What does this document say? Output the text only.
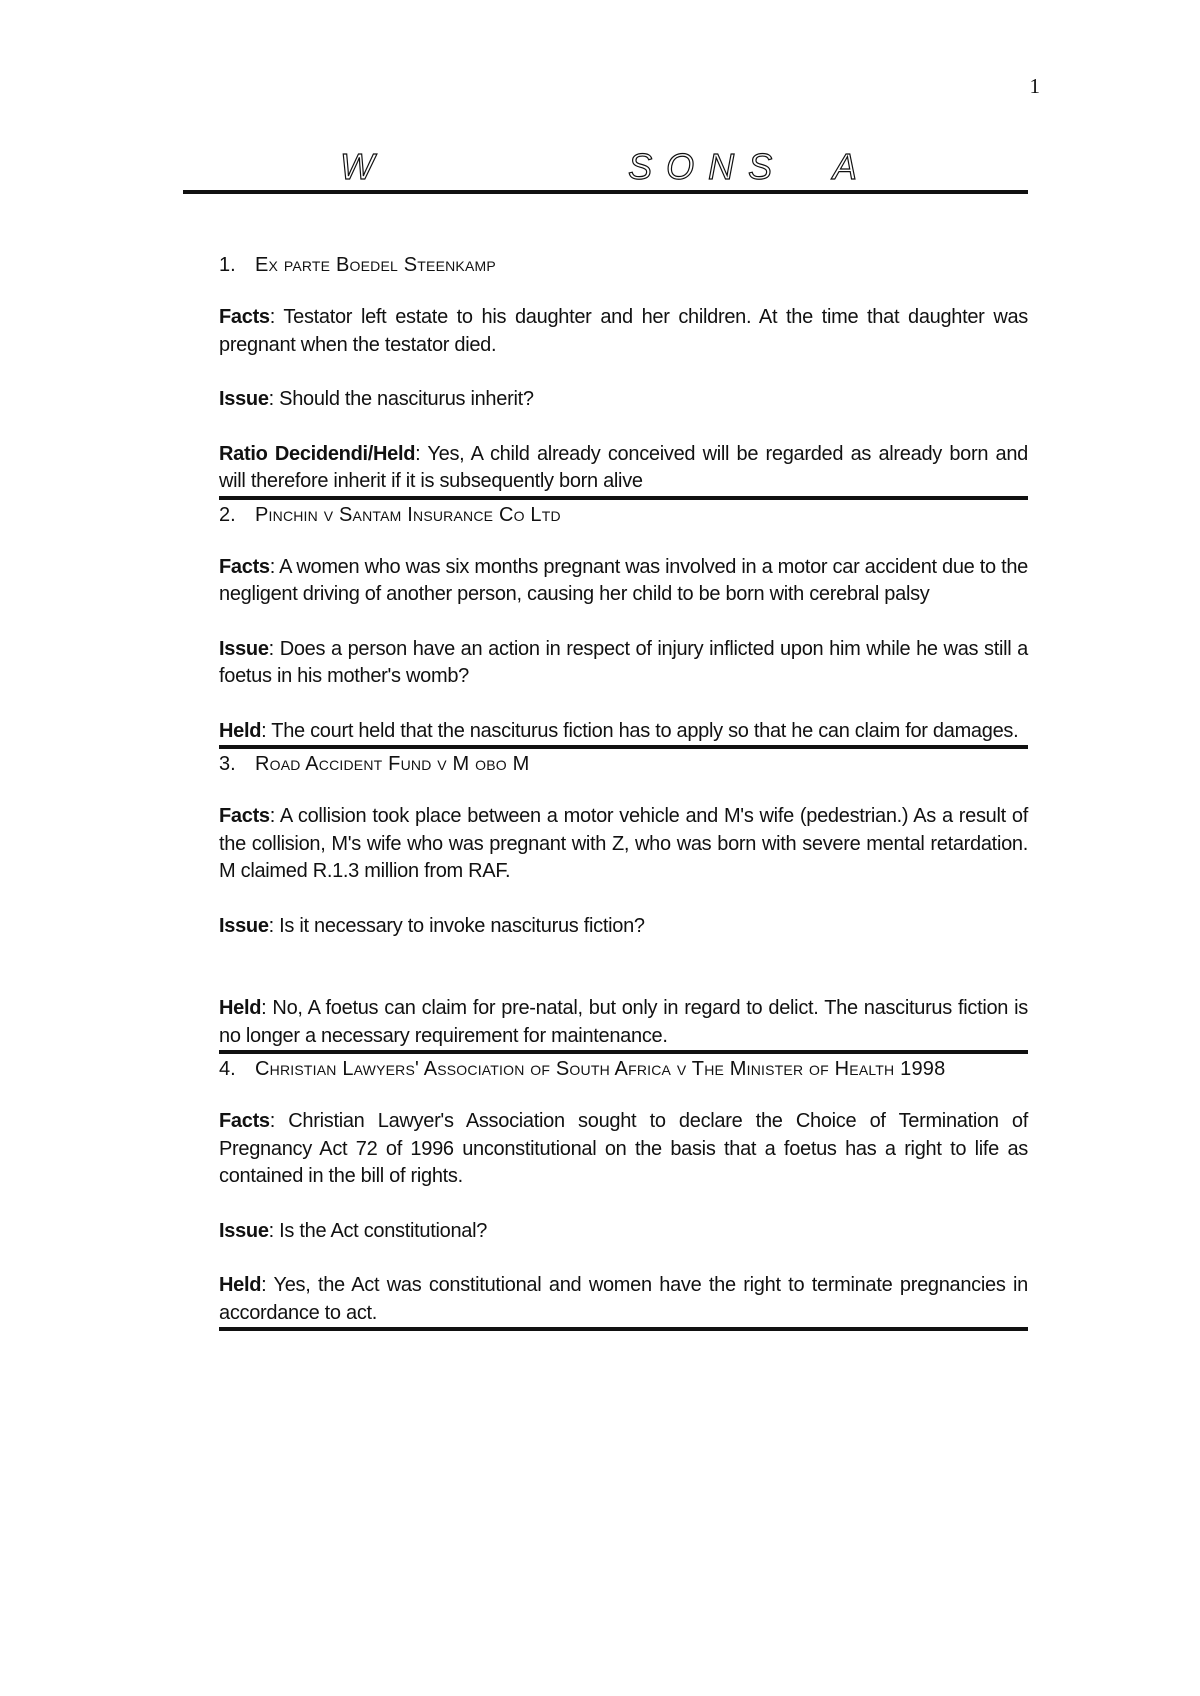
1
W          SONS  A
1. Ex parte Boedel Steenkamp

Facts: Testator left estate to his daughter and her children. At the time that daughter was pregnant when the testator died.

Issue: Should the nasciturus inherit?

Ratio Decidendi/Held: Yes, A child already conceived will be regarded as already born and will therefore inherit if it is subsequently born alive

2. Pinchin v Santam Insurance Co Ltd

Facts: A women who was six months pregnant was involved in a motor car accident due to the negligent driving of another person, causing her child to be born with cerebral palsy

Issue: Does a person have an action in respect of injury inflicted upon him while he was still a foetus in his mother's womb?

Held: The court held that the nasciturus fiction has to apply so that he can claim for damages.

3. Road Accident Fund v M obo M

Facts: A collision took place between a motor vehicle and M's wife (pedestrian.) As a result of the collision, M's wife who was pregnant with Z, who was born with severe mental retardation. M claimed R.1.3 million from RAF.

Issue: Is it necessary to invoke nasciturus fiction?

Held: No, A foetus can claim for pre-natal, but only in regard to delict. The nasciturus fiction is no longer a necessary requirement for maintenance.

4. Christian Lawyers' Association of South Africa v The Minister of Health 1998

Facts: Christian Lawyer's Association sought to declare the Choice of Termination of Pregnancy Act 72 of 1996 unconstitutional on the basis that a foetus has a right to life as contained in the bill of rights.

Issue: Is the Act constitutional?

Held: Yes, the Act was constitutional and women have the right to terminate pregnancies in accordance to act.
